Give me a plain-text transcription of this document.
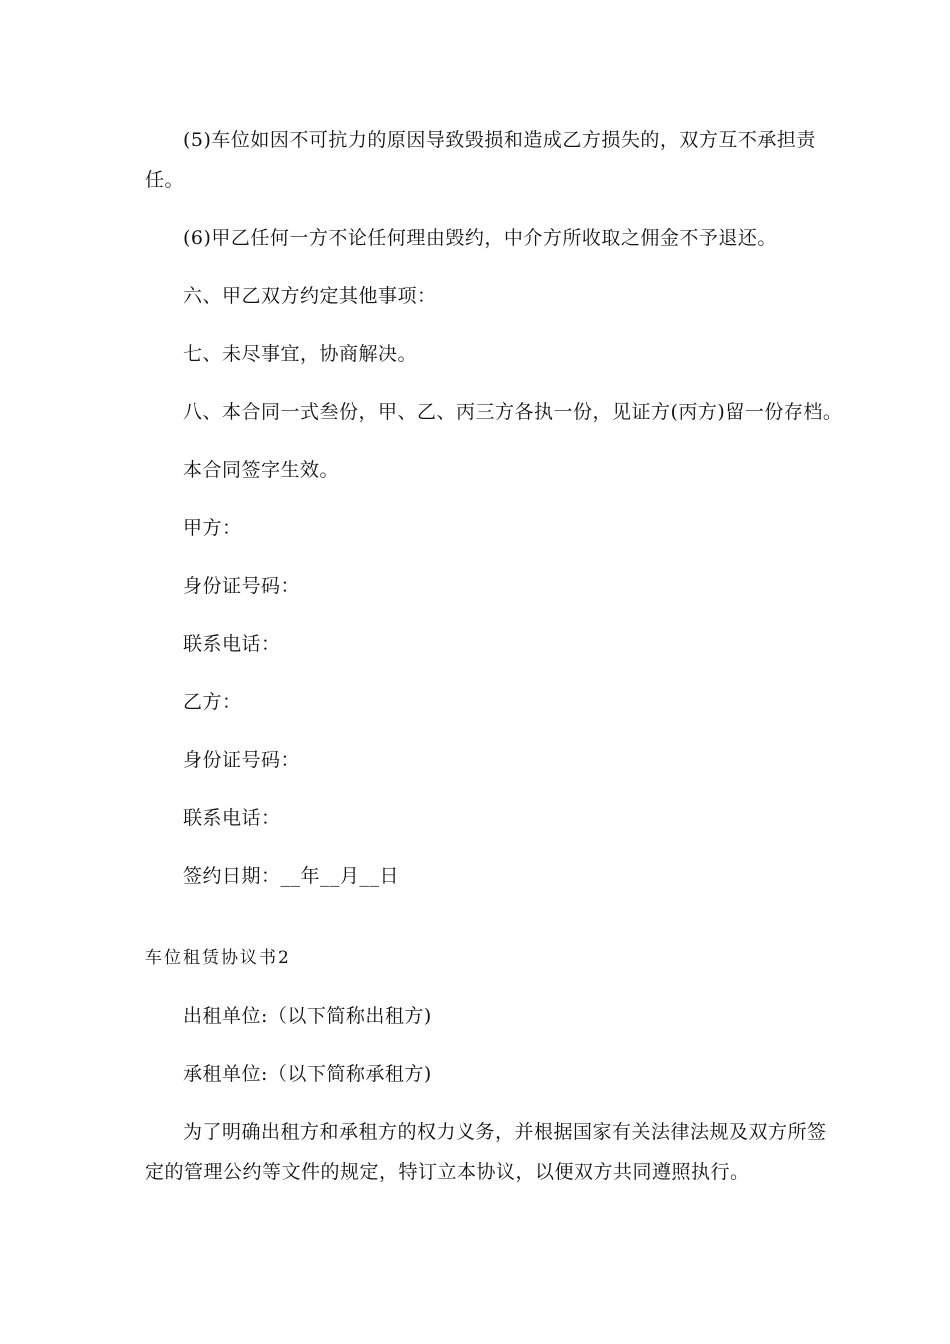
(5)车位如因不可抗力的原因导致毁损和造成乙方损失的，双方互不承担责
任。
(6)甲乙任何一方不论任何理由毁约，中介方所收取之佣金不予退还。
六、甲乙双方约定其他事项：
七、未尽事宜，协商解决。
八、本合同一式叁份，甲、乙、丙三方各执一份，见证方(丙方)留一份存档。
本合同签字生效。
甲方：
身份证号码：
联系电话：
乙方：
身份证号码：
联系电话：
签约日期：__年__月__日
车位租赁协议书2
出租单位:（以下简称出租方)
承租单位:（以下简称承租方)
为了明确出租方和承租方的权力义务，并根据国家有关法律法规及双方所签
定的管理公约等文件的规定，特订立本协议，以便双方共同遵照执行。
